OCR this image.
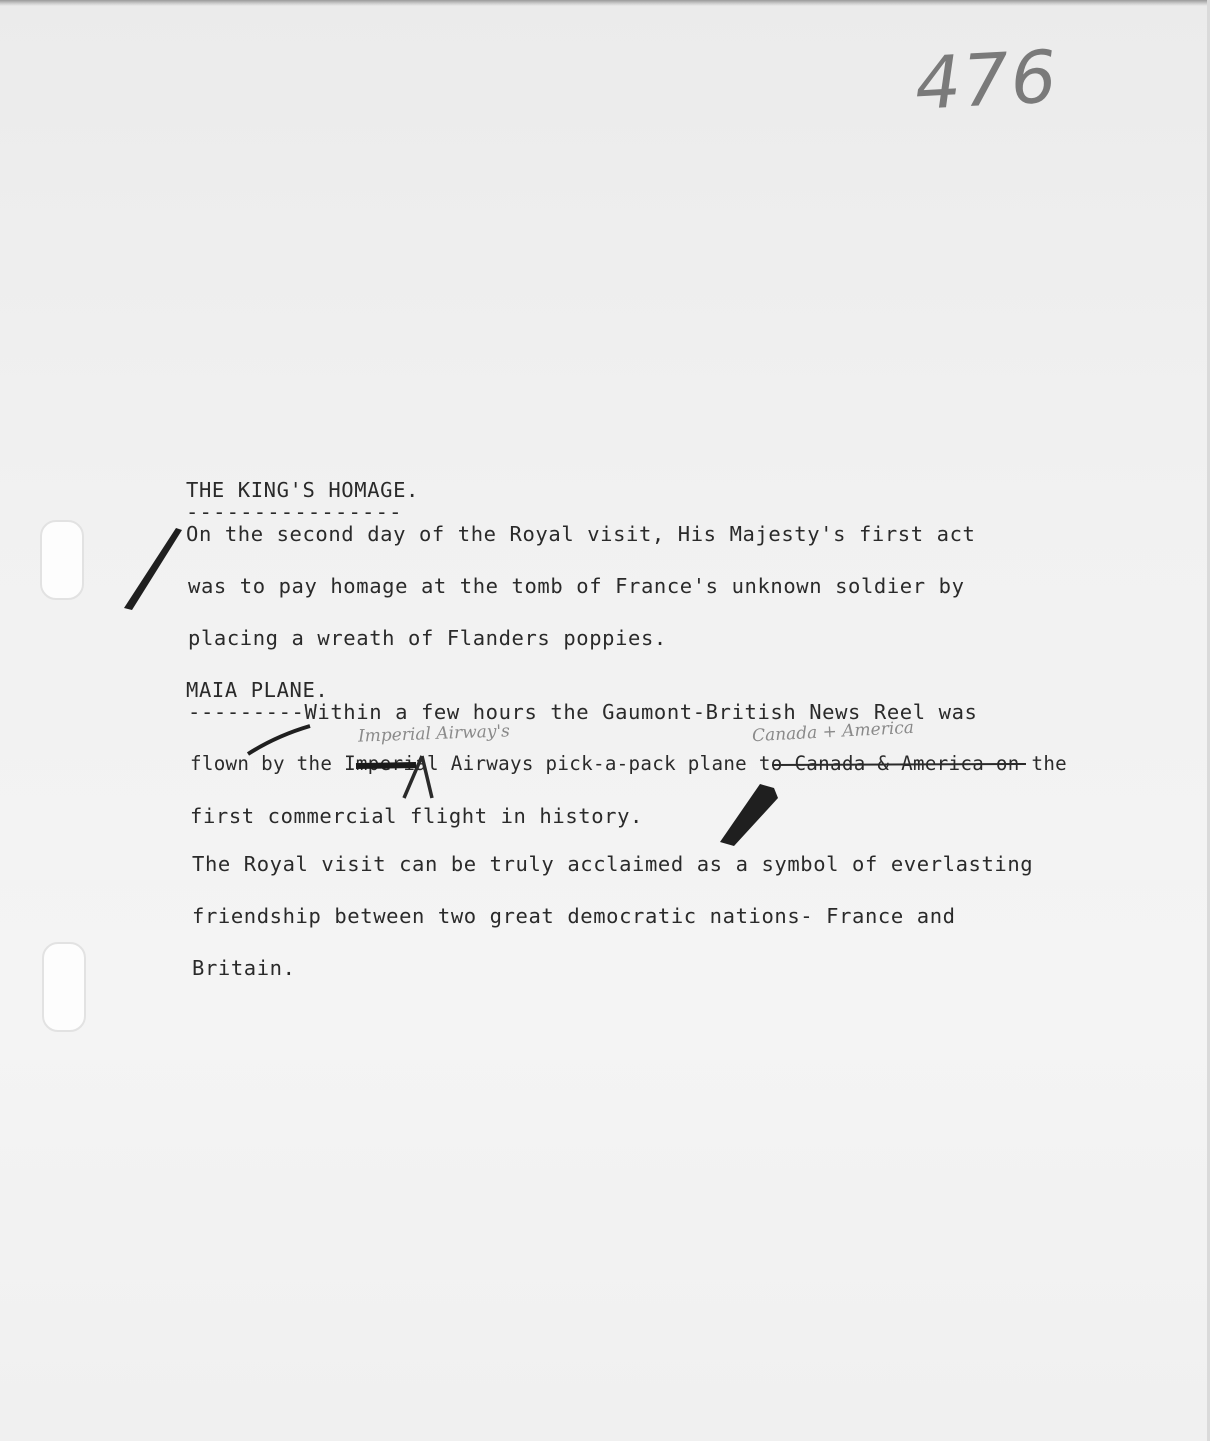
476
THE KING'S HOMAGE.
----------------
On the second day of the Royal visit, His Majesty's first act
was to pay homage at the tomb of France's unknown soldier by
placing a wreath of Flanders poppies.
MAIA PLANE.
---------Within a few hours the Gaumont-British News Reel was
Imperial Airway's	Canada + America
flown by the Imperial Airways pick-a-pack plane to Canada & America on the
first commercial flight in history.
The Royal visit can be truly acclaimed as a symbol of everlasting
friendship between two great democratic nations- France and
Britain.
